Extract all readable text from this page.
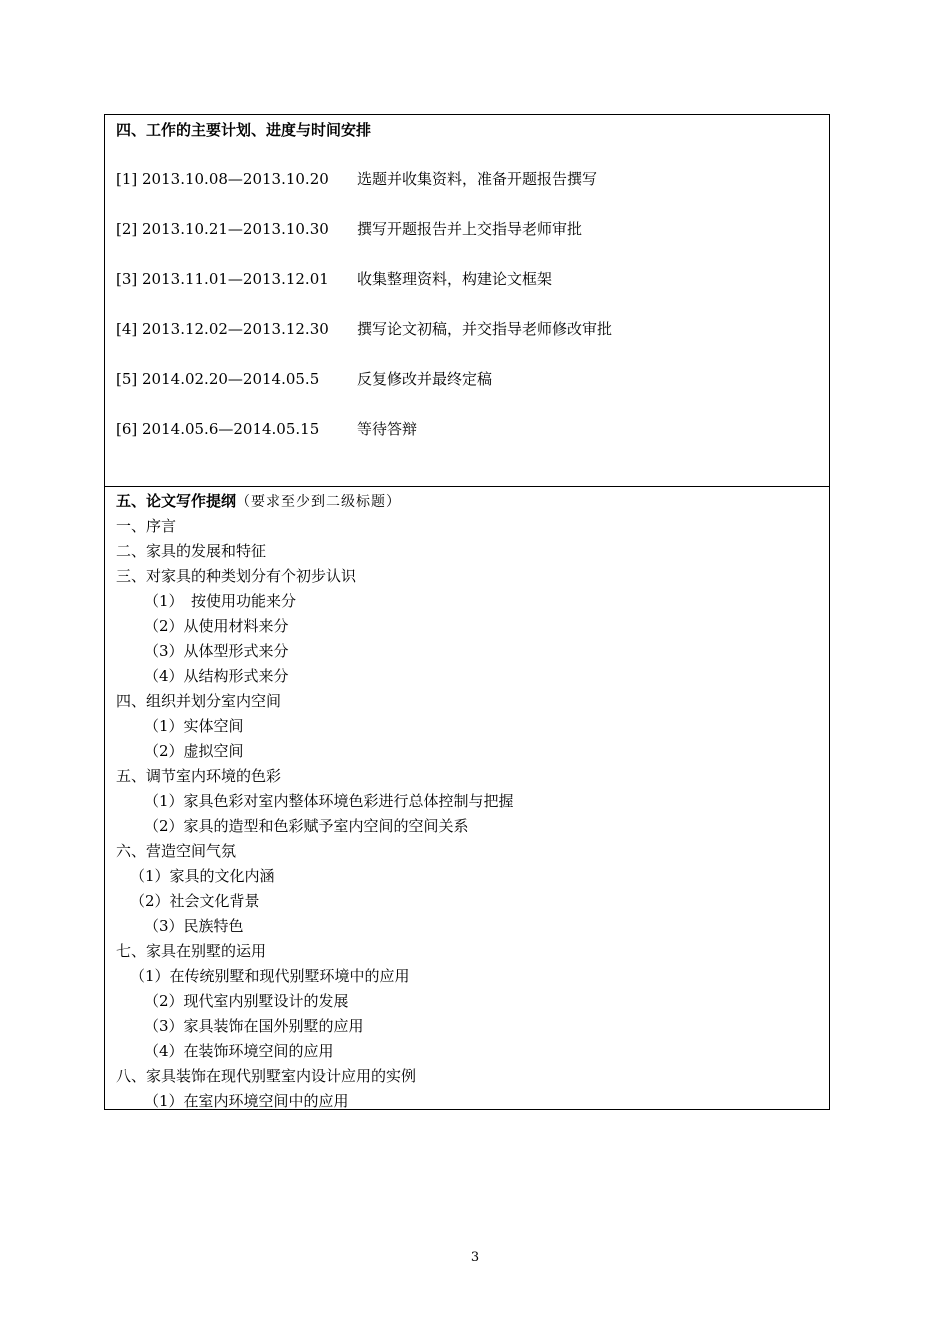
四、工作的主要计划、进度与时间安排
[1] 2013.10.08—2013.10.20 选题并收集资料，准备开题报告撰写
[2] 2013.10.21—2013.10.30 撰写开题报告并上交指导老师审批
[3] 2013.11.01—2013.12.01 收集整理资料，构建论文框架
[4] 2013.12.02—2013.12.30 撰写论文初稿，并交指导老师修改审批
[5] 2014.02.20—2014.05.5	反复修改并最终定稿
[6] 2014.05.6—2014.05.15	等待答辩
五、论文写作提纲（要求至少到二级标题）
一、序言
二、家具的发展和特征
三、对家具的种类划分有个初步认识
（1）　按使用功能来分
（2）从使用材料来分
（3）从体型形式来分
（4）从结构形式来分
四、组织并划分室内空间
（1）实体空间
（2）虚拟空间
五、调节室内环境的色彩
（1）家具色彩对室内整体环境色彩进行总体控制与把握
（2）家具的造型和色彩赋予室内空间的空间关系
六、营造空间气氛
（1）家具的文化内涵
（2）社会文化背景
（3）民族特色
七、家具在别墅的运用
（1）在传统别墅和现代别墅环境中的应用
（2）现代室内别墅设计的发展
（3）家具装饰在国外别墅的应用
（4）在装饰环境空间的应用
八、家具装饰在现代别墅室内设计应用的实例
（1）在室内环境空间中的应用
3
